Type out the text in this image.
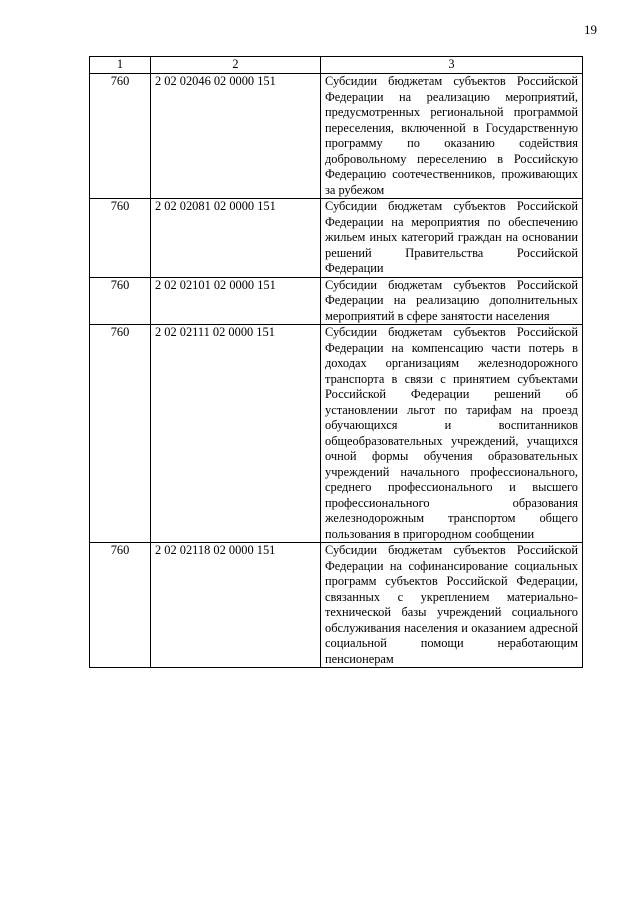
19
1	2	3
760	2 02 02046 02 0000 151	Субсидии бюджетам субъектов Российской Федерации на реализацию мероприятий, предусмотренных региональной программой переселения, включенной в Государственную программу по оказанию содействия добровольному переселению в Российскую Федерацию соотечественников, проживающих за рубежом
760	2 02 02081 02 0000 151	Субсидии бюджетам субъектов Российской Федерации на мероприятия по обеспечению жильем иных категорий граждан на основании решений Правительства Российской Федерации
760	2 02 02101 02 0000 151	Субсидии бюджетам субъектов Российской Федерации на реализацию дополнительных мероприятий в сфере занятости населения
760	2 02 02111 02 0000 151	Субсидии бюджетам субъектов Российской Федерации на компенсацию части потерь в доходах организациям железнодорожного транспорта в связи с принятием субъектами Российской Федерации решений об установлении льгот по тарифам на проезд обучающихся и воспитанников общеобразовательных учреждений, учащихся очной формы обучения образовательных учреждений начального профессионального, среднего профессионального и высшего профессионального образования железнодорожным транспортом общего пользования в пригородном сообщении
760	2 02 02118 02 0000 151	Субсидии бюджетам субъектов Российской Федерации на софинансирование социальных программ субъектов Российской Федерации, связанных с укреплением материально-технической базы учреждений социального обслуживания населения и оказанием адресной социальной помощи неработающим пенсионерам
